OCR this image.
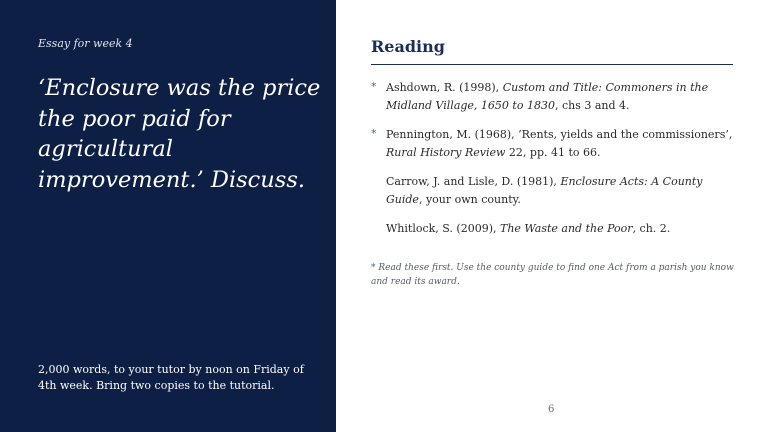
Essay for week 4
‘Enclosure was the price the poor paid for agricultural improvement.’ Discuss.
2,000 words, to your tutor by noon on Friday of 4th week. Bring two copies to the tutorial.
Reading
* Ashdown, R. (1998), Custom and Title: Commoners in the Midland Village, 1650 to 1830, chs 3 and 4.
* Pennington, M. (1968), ‘Rents, yields and the commissioners’, Rural History Review 22, pp. 41 to 66.
Carrow, J. and Lisle, D. (1981), Enclosure Acts: A County Guide, your own county.
Whitlock, S. (2009), The Waste and the Poor, ch. 2.
* Read these first. Use the county guide to find one Act from a parish you know and read its award.
6
